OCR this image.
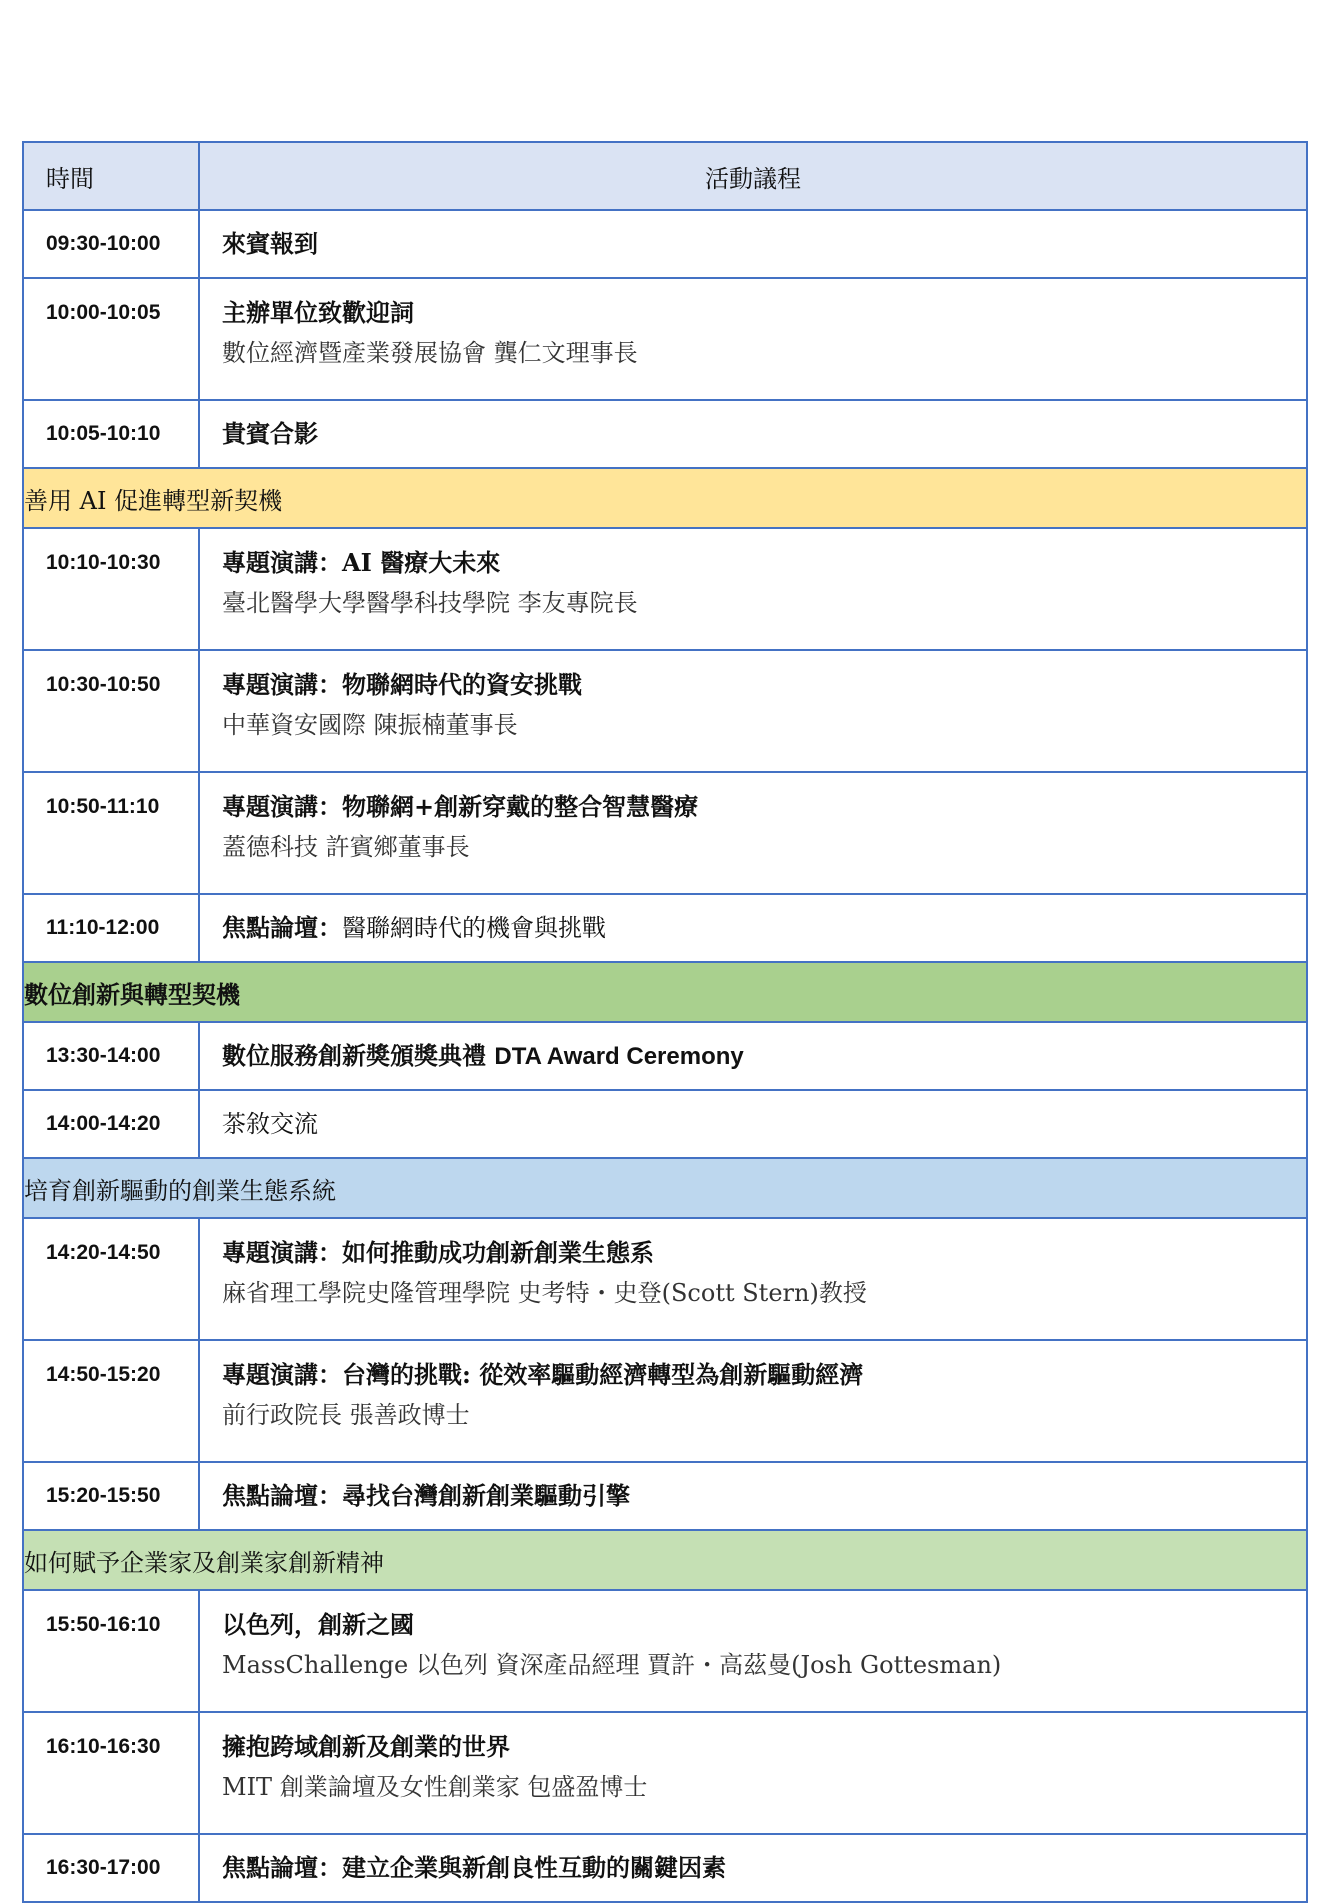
時間	活動議程
09:30-10:00	來賓報到

10:00-10:05	主辦單位致歡迎詞
數位經濟暨產業發展協會 龔仁文理事長

10:05-10:10	貴賓合影

善用 AI 促進轉型新契機	
10:10-10:30	專題演講：AI 醫療大未來
臺北醫學大學醫學科技學院 李友專院長

10:30-10:50	專題演講：物聯網時代的資安挑戰
中華資安國際 陳振楠董事長

10:50-11:10	專題演講：物聯網+創新穿戴的整合智慧醫療
蓋德科技 許賓鄉董事長

11:10-12:00	焦點論壇：醫聯網時代的機會與挑戰

數位創新與轉型契機	
13:30-14:00	數位服務創新獎頒獎典禮 DTA Award Ceremony

14:00-14:20	茶敘交流

培育創新驅動的創業生態系統	
14:20-14:50	專題演講：如何推動成功創新創業生態系
麻省理工學院史隆管理學院 史考特・史登(Scott Stern)教授

14:50-15:20	專題演講：台灣的挑戰: 從效率驅動經濟轉型為創新驅動經濟
前行政院長 張善政博士

15:20-15:50	焦點論壇：尋找台灣創新創業驅動引擎

如何賦予企業家及創業家創新精神	
15:50-16:10	以色列，創新之國
MassChallenge 以色列 資深產品經理 賈許・高茲曼(Josh Gottesman)

16:10-16:30	擁抱跨域創新及創業的世界
MIT 創業論壇及女性創業家 包盛盈博士

16:30-17:00	焦點論壇：建立企業與新創良性互動的關鍵因素
